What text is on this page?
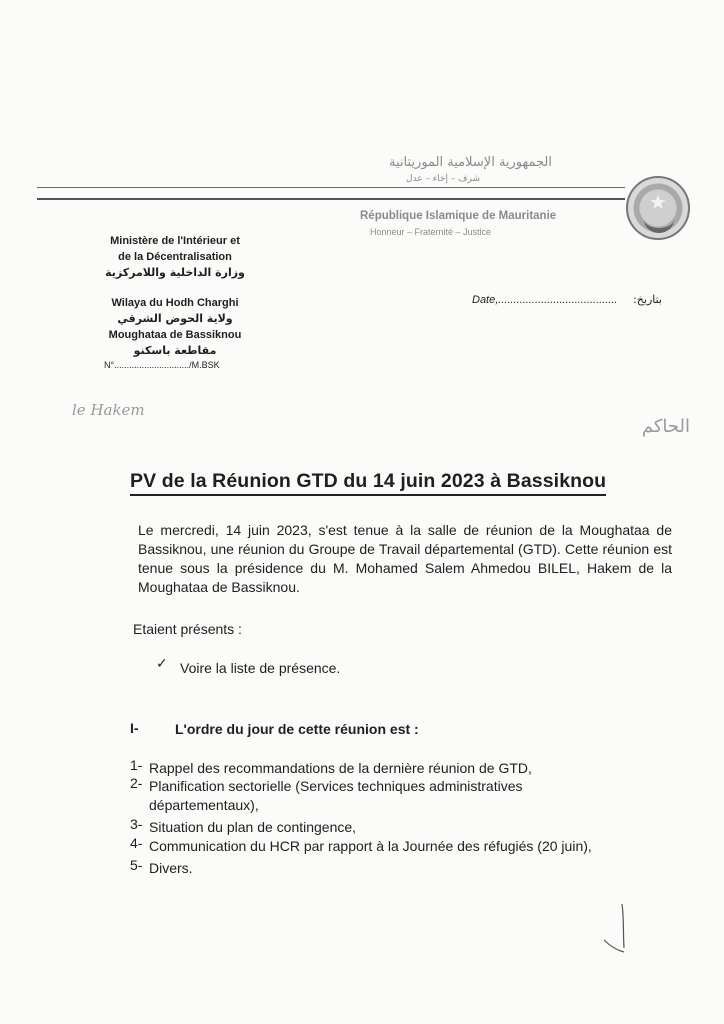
الجمهورية الإسلامية الموريتانية
شرف – إخاء – عدل
République Islamique de Mauritanie
Honneur – Fraternité – Justice
★
Ministère de l'Intérieur et
de la Décentralisation
وزارة الداخلية واللامركزية
Wilaya du Hodh Charghi
ولاية الحوض الشرقي
Moughataa de Bassiknou
مقاطعة باسكنو
N°............................../M.BSK
Date,.......................................	بتاريخ:
le Hakem
الحاكم
PV de la Réunion GTD du 14 juin 2023 à Bassiknou
Le mercredi, 14 juin 2023, s'est tenue à la salle de réunion de la Moughataa de Bassiknou, une réunion du Groupe de Travail départemental (GTD). Cette réunion est tenue sous la présidence du M. Mohamed Salem Ahmedou BILEL, Hakem de la Moughataa de Bassiknou.
Etaient présents :
✓ Voire la liste de présence.
I-	L'ordre du jour de cette réunion est :
1- Rappel des recommandations de la dernière réunion de GTD,
2- Planification sectorielle (Services techniques administratives
départementaux),
3- Situation du plan de contingence,
4- Communication du HCR par rapport à la Journée des réfugiés (20 juin),
5- Divers.
